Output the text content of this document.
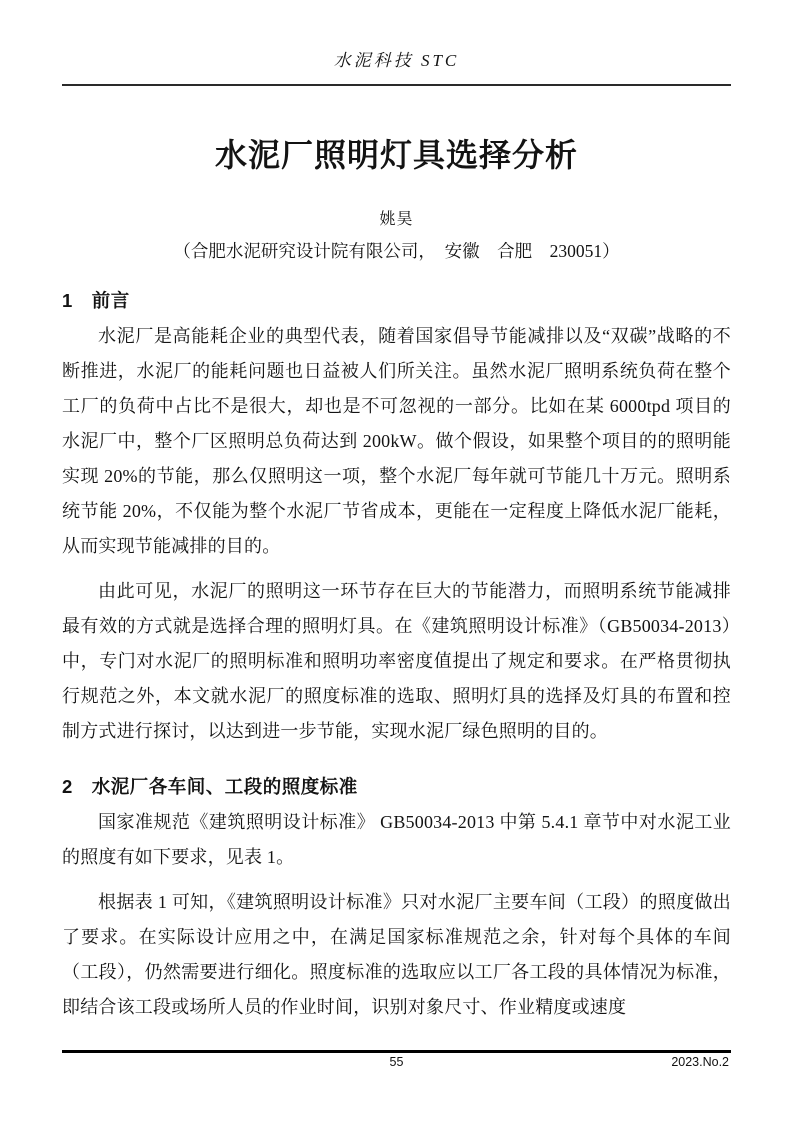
水泥科技 STC
水泥厂照明灯具选择分析
姚昊
（合肥水泥研究设计院有限公司，　安徽　合肥　230051）
1　前言

水泥厂是高能耗企业的典型代表，随着国家倡导节能减排以及“双碳”战略的不断推进，水泥厂的能耗问题也日益被人们所关注。虽然水泥厂照明系统负荷在整个工厂的负荷中占比不是很大，却也是不可忽视的一部分。比如在某 6000tpd 项目的水泥厂中，整个厂区照明总负荷达到 200kW。做个假设，如果整个项目的的照明能实现 20%的节能，那么仅照明这一项，整个水泥厂每年就可节能几十万元。照明系统节能 20%，不仅能为整个水泥厂节省成本，更能在一定程度上降低水泥厂能耗，从而实现节能减排的目的。

由此可见，水泥厂的照明这一环节存在巨大的节能潜力，而照明系统节能减排最有效的方式就是选择合理的照明灯具。在《建筑照明设计标准》（GB50034-2013）中，专门对水泥厂的照明标准和照明功率密度值提出了规定和要求。在严格贯彻执行规范之外，本文就水泥厂的照度标准的选取、照明灯具的选择及灯具的布置和控制方式进行探讨，以达到进一步节能，实现水泥厂绿色照明的目的。

2　水泥厂各车间、工段的照度标准

国家准规范《建筑照明设计标准》 GB50034-2013 中第 5.4.1 章节中对水泥工业的照度有如下要求，见表 1。

根据表 1 可知，《建筑照明设计标准》只对水泥厂主要车间（工段）的照度做出了要求。在实际设计应用之中，在满足国家标准规范之余，针对每个具体的车间（工段），仍然需要进行细化。照度标准的选取应以工厂各工段的具体情况为标准，即结合该工段或场所人员的作业时间，识别对象尺寸、作业精度或速度

55	2023.No.2
